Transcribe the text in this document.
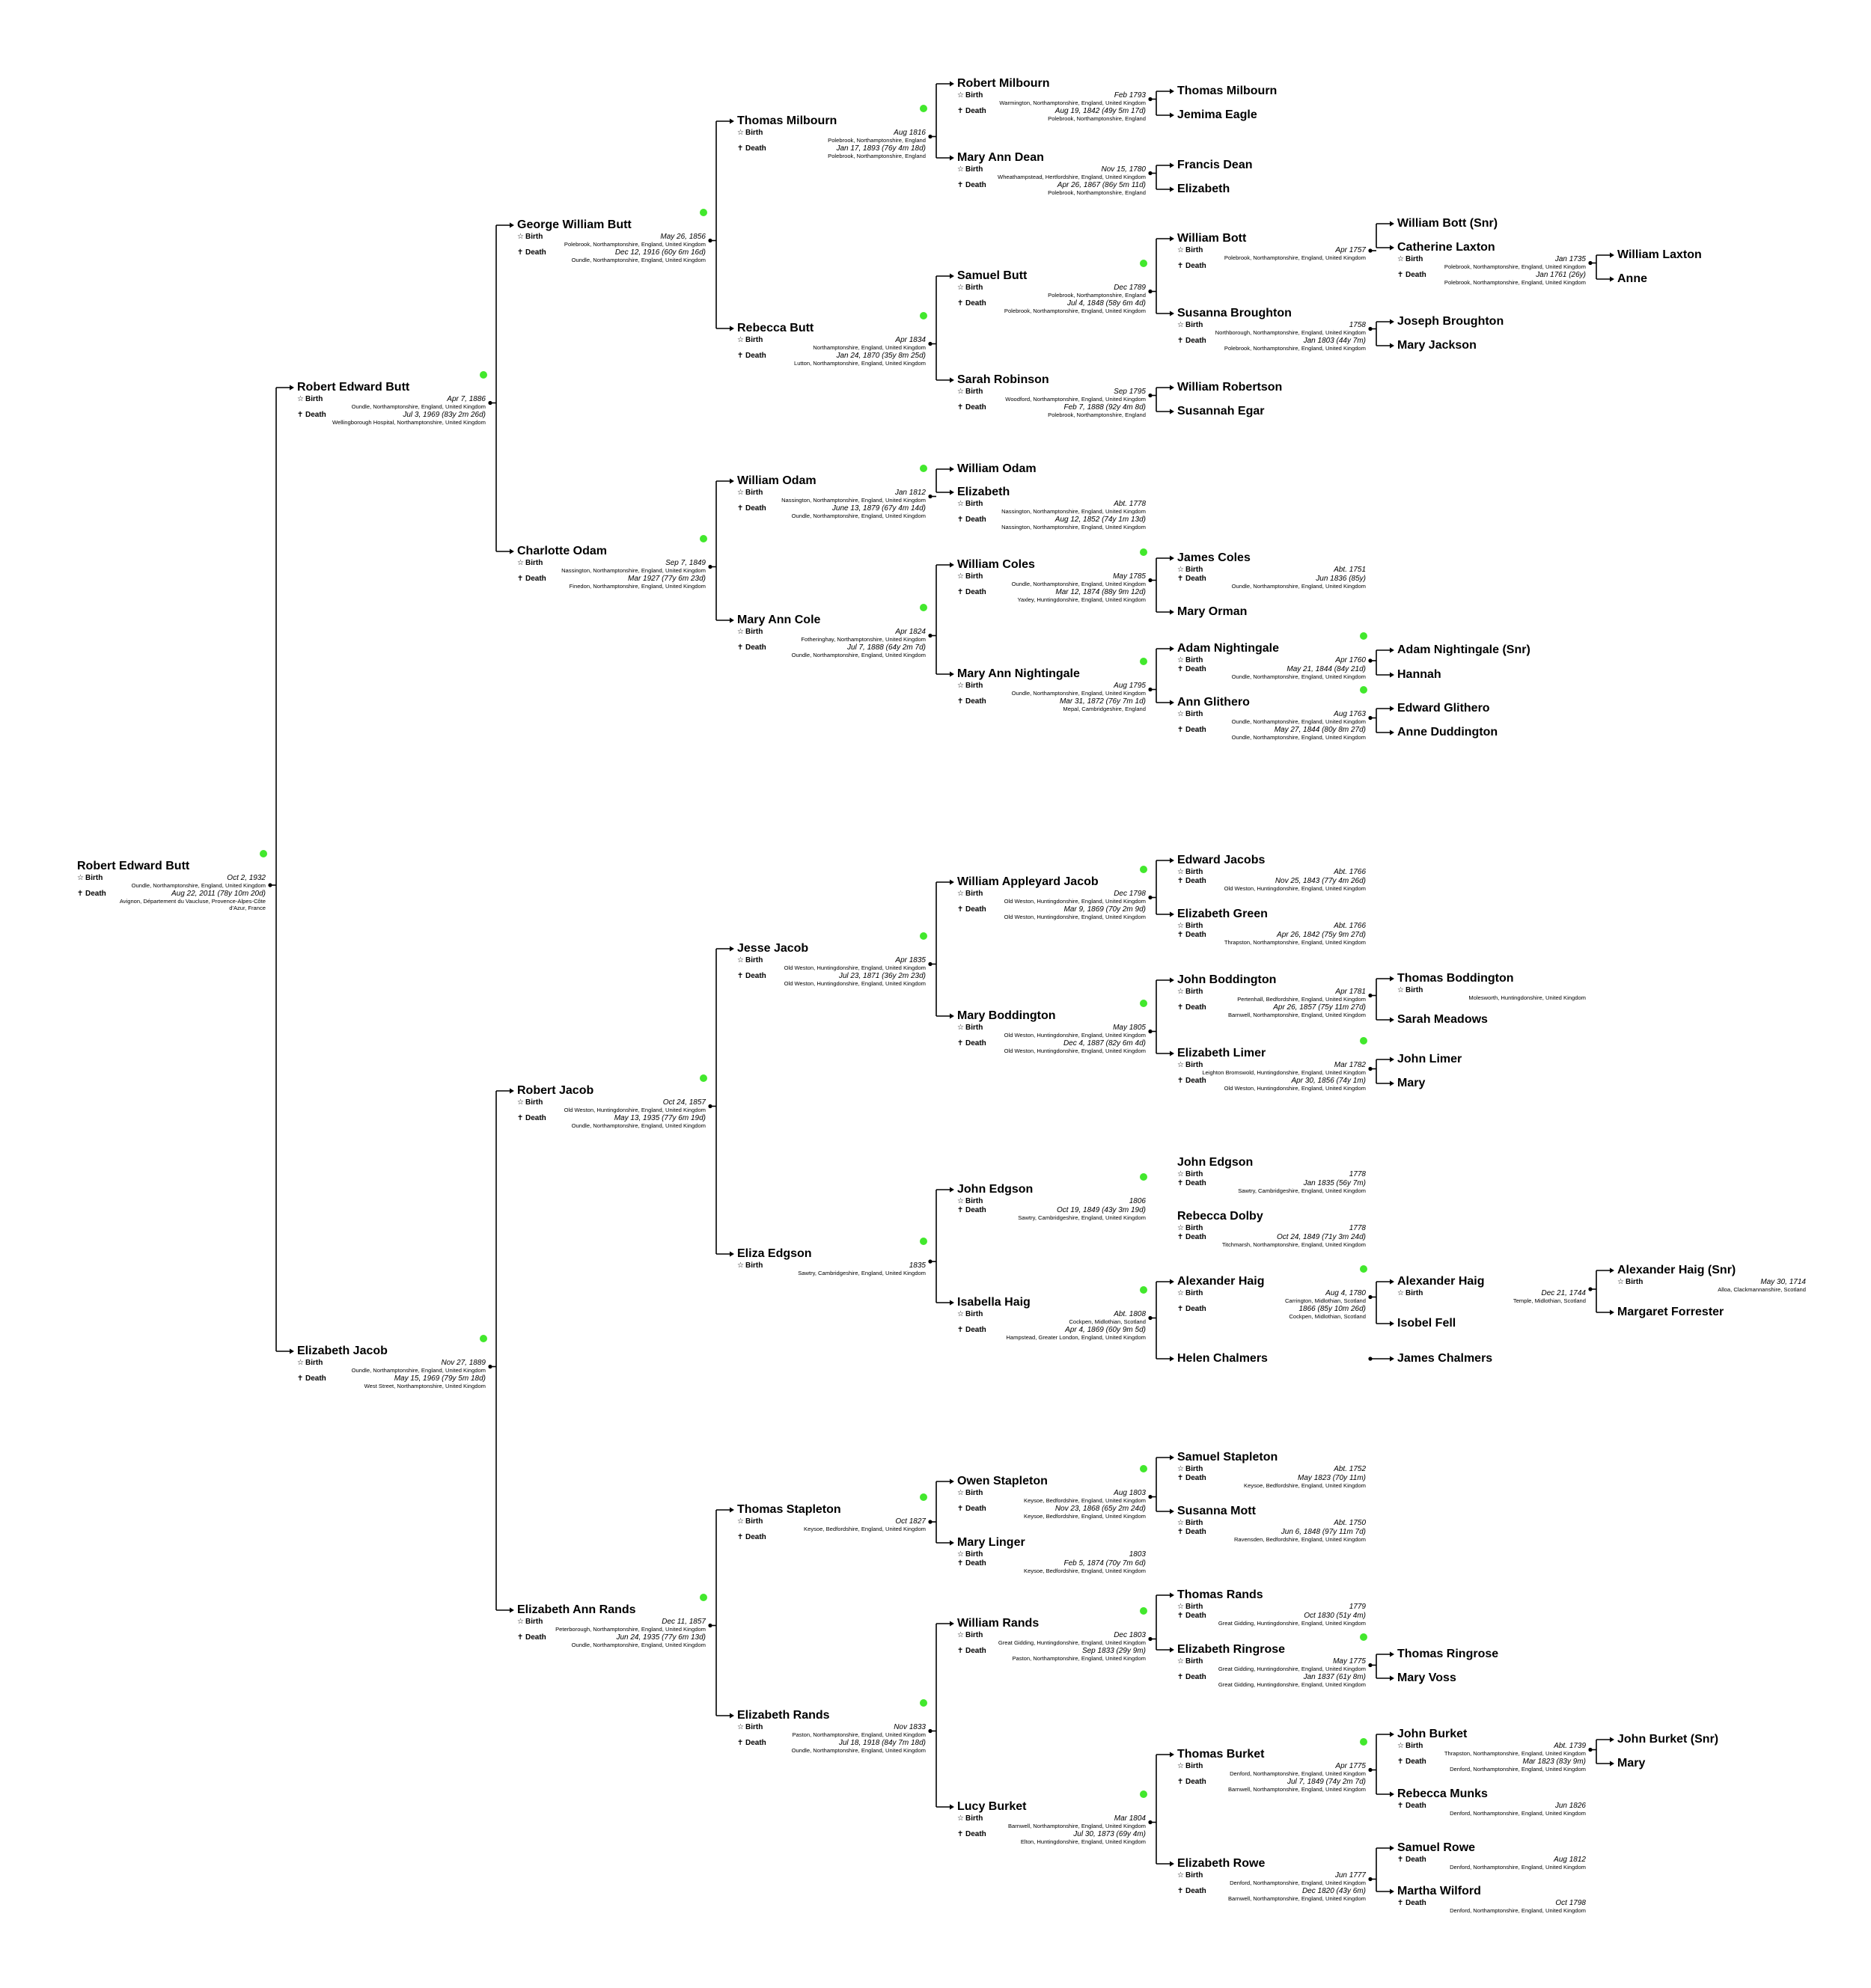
Robert Edward Butt
☆ Birth	Oct 2, 1932
Oundle, Northamptonshire, England, United Kingdom
✝ Death	Aug 22, 2011 (78y 10m 20d)
Avignon, Département du Vaucluse, Provence-Alpes-Côte d'Azur, France
Robert Edward Butt
☆ Birth	Apr 7, 1886
Oundle, Northamptonshire, England, United Kingdom
✝ Death	Jul 3, 1969 (83y 2m 26d)
Wellingborough Hospital, Northamptonshire, United Kingdom
Elizabeth Jacob
☆ Birth	Nov 27, 1889
Oundle, Northamptonshire, England, United Kingdom
✝ Death	May 15, 1969 (79y 5m 18d)
West Street, Northamptonshire, United Kingdom
George William Butt
☆ Birth	May 26, 1856
Polebrook, Northamptonshire, England, United Kingdom
✝ Death	Dec 12, 1916 (60y 6m 16d)
Oundle, Northamptonshire, England, United Kingdom
Charlotte Odam
☆ Birth	Sep 7, 1849
Nassington, Northamptonshire, England, United Kingdom
✝ Death	Mar 1927 (77y 6m 23d)
Finedon, Northamptonshire, England, United Kingdom
Robert Jacob
☆ Birth	Oct 24, 1857
Old Weston, Huntingdonshire, England, United Kingdom
✝ Death	May 13, 1935 (77y 6m 19d)
Oundle, Northamptonshire, England, United Kingdom
Elizabeth Ann Rands
☆ Birth	Dec 11, 1857
Peterborough, Northamptonshire, England, United Kingdom
✝ Death	Jun 24, 1935 (77y 6m 13d)
Oundle, Northamptonshire, England, United Kingdom
Thomas Milbourn
☆ Birth	Aug 1816
Polebrook, Northamptonshire, England
✝ Death	Jan 17, 1893 (76y 4m 18d)
Polebrook, Northamptonshire, England
Rebecca Butt
☆ Birth	Apr 1834
Northamptonshire, England, United Kingdom
✝ Death	Jan 24, 1870 (35y 8m 25d)
Lutton, Northamptonshire, England, United Kingdom
William Odam
☆ Birth	Jan 1812
Nassington, Northamptonshire, England, United Kingdom
✝ Death	June 13, 1879 (67y 4m 14d)
Oundle, Northamptonshire, England, United Kingdom
Mary Ann Cole
☆ Birth	Apr 1824
Fotheringhay, Northamptonshire, United Kingdom
✝ Death	Jul 7, 1888 (64y 2m 7d)
Oundle, Northamptonshire, England, United Kingdom
Jesse Jacob
☆ Birth	Apr 1835
Old Weston, Huntingdonshire, England, United Kingdom
✝ Death	Jul 23, 1871 (36y 2m 23d)
Old Weston, Huntingdonshire, England, United Kingdom
Eliza Edgson
☆ Birth	1835
Sawtry, Cambridgeshire, England, United Kingdom
Thomas Stapleton
☆ Birth	Oct 1827
Keysoe, Bedfordshire, England, United Kingdom
✝ Death
Elizabeth Rands
☆ Birth	Nov 1833
Paston, Northamptonshire, England, United Kingdom
✝ Death	Jul 18, 1918 (84y 7m 18d)
Oundle, Northamptonshire, England, United Kingdom
Robert Milbourn
☆ Birth	Feb 1793
Warmington, Northamptonshire, England, United Kingdom
✝ Death	Aug 19, 1842 (49y 5m 17d)
Polebrook, Northamptonshire, England
Mary Ann Dean
☆ Birth	Nov 15, 1780
Wheathampstead, Hertfordshire, England, United Kingdom
✝ Death	Apr 26, 1867 (86y 5m 11d)
Polebrook, Northamptonshire, England
Samuel Butt
☆ Birth	Dec 1789
Polebrook, Northamptonshire, England
✝ Death	Jul 4, 1848 (58y 6m 4d)
Polebrook, Northamptonshire, England, United Kingdom
Sarah Robinson
☆ Birth	Sep 1795
Woodford, Northamptonshire, England, United Kingdom
✝ Death	Feb 7, 1888 (92y 4m 8d)
Polebrook, Northamptonshire, England
William Odam
Elizabeth
☆ Birth	Abt. 1778
Nassington, Northamptonshire, England, United Kingdom
✝ Death	Aug 12, 1852 (74y 1m 13d)
Nassington, Northamptonshire, England, United Kingdom
William Coles
☆ Birth	May 1785
Oundle, Northamptonshire, England, United Kingdom
✝ Death	Mar 12, 1874 (88y 9m 12d)
Yaxley, Huntingdonshire, England, United Kingdom
Mary Ann Nightingale
☆ Birth	Aug 1795
Oundle, Northamptonshire, England, United Kingdom
✝ Death	Mar 31, 1872 (76y 7m 1d)
Mepal, Cambridgeshire, England
William Appleyard Jacob
☆ Birth	Dec 1798
Old Weston, Huntingdonshire, England, United Kingdom
✝ Death	Mar 9, 1869 (70y 2m 9d)
Old Weston, Huntingdonshire, England, United Kingdom
Mary Boddington
☆ Birth	May 1805
Old Weston, Huntingdonshire, England, United Kingdom
✝ Death	Dec 4, 1887 (82y 6m 4d)
Old Weston, Huntingdonshire, England, United Kingdom
John Edgson
☆ Birth	1806
✝ Death	Oct 19, 1849 (43y 3m 19d)
Sawtry, Cambridgeshire, England, United Kingdom
Isabella Haig
☆ Birth	Abt. 1808
Cockpen, Midlothian, Scotland
✝ Death	Apr 4, 1869 (60y 9m 5d)
Hampstead, Greater London, England, United Kingdom
Owen Stapleton
☆ Birth	Aug 1803
Keysoe, Bedfordshire, England, United Kingdom
✝ Death	Nov 23, 1868 (65y 2m 24d)
Keysoe, Bedfordshire, England, United Kingdom
Mary Linger
☆ Birth	1803
✝ Death	Feb 5, 1874 (70y 7m 6d)
Keysoe, Bedfordshire, England, United Kingdom
William Rands
☆ Birth	Dec 1803
Great Gidding, Huntingdonshire, England, United Kingdom
✝ Death	Sep 1833 (29y 9m)
Paston, Northamptonshire, England, United Kingdom
Lucy Burket
☆ Birth	Mar 1804
Barnwell, Northamptonshire, England, United Kingdom
✝ Death	Jul 30, 1873 (69y 4m)
Elton, Huntingdonshire, England, United Kingdom
Thomas Milbourn
Jemima Eagle
Francis Dean
Elizabeth
William Bott
☆ Birth	Apr 1757
Polebrook, Northamptonshire, England, United Kingdom
✝ Death
Susanna Broughton
☆ Birth	1758
Northborough, Northamptonshire, England, United Kingdom
✝ Death	Jan 1803 (44y 7m)
Polebrook, Northamptonshire, England, United Kingdom
William Robertson
Susannah Egar
James Coles
☆ Birth	Abt. 1751
✝ Death	Jun 1836 (85y)
Oundle, Northamptonshire, England, United Kingdom
Mary Orman
Adam Nightingale
☆ Birth	Apr 1760
✝ Death	May 21, 1844 (84y 21d)
Oundle, Northamptonshire, England, United Kingdom
Ann Glithero
☆ Birth	Aug 1763
Oundle, Northamptonshire, England, United Kingdom
✝ Death	May 27, 1844 (80y 8m 27d)
Oundle, Northamptonshire, England, United Kingdom
Edward Jacobs
☆ Birth	Abt. 1766
✝ Death	Nov 25, 1843 (77y 4m 26d)
Old Weston, Huntingdonshire, England, United Kingdom
Elizabeth Green
☆ Birth	Abt. 1766
✝ Death	Apr 26, 1842 (75y 9m 27d)
Thrapston, Northamptonshire, England, United Kingdom
John Boddington
☆ Birth	Apr 1781
Pertenhall, Bedfordshire, England, United Kingdom
✝ Death	Apr 26, 1857 (75y 11m 27d)
Barnwell, Northamptonshire, England, United Kingdom
Elizabeth Limer
☆ Birth	Mar 1782
Leighton Bromswold, Huntingdonshire, England, United Kingdom
✝ Death	Apr 30, 1856 (74y 1m)
Old Weston, Huntingdonshire, England, United Kingdom
John Edgson
☆ Birth	1778
✝ Death	Jan 1835 (56y 7m)
Sawtry, Cambridgeshire, England, United Kingdom
Rebecca Dolby
☆ Birth	1778
✝ Death	Oct 24, 1849 (71y 3m 24d)
Titchmarsh, Northamptonshire, England, United Kingdom
Alexander Haig
☆ Birth	Aug 4, 1780
Carrington, Midlothian, Scotland
✝ Death	1866 (85y 10m 26d)
Cockpen, Midlothian, Scotland
Helen Chalmers
Samuel Stapleton
☆ Birth	Abt. 1752
✝ Death	May 1823 (70y 11m)
Keysoe, Bedfordshire, England, United Kingdom
Susanna Mott
☆ Birth	Abt. 1750
✝ Death	Jun 6, 1848 (97y 11m 7d)
Ravensden, Bedfordshire, England, United Kingdom
Thomas Rands
☆ Birth	1779
✝ Death	Oct 1830 (51y 4m)
Great Gidding, Huntingdonshire, England, United Kingdom
Elizabeth Ringrose
☆ Birth	May 1775
Great Gidding, Huntingdonshire, England, United Kingdom
✝ Death	Jan 1837 (61y 8m)
Great Gidding, Huntingdonshire, England, United Kingdom
Thomas Burket
☆ Birth	Apr 1775
Denford, Northamptonshire, England, United Kingdom
✝ Death	Jul 7, 1849 (74y 2m 7d)
Barnwell, Northamptonshire, England, United Kingdom
Elizabeth Rowe
☆ Birth	Jun 1777
Denford, Northamptonshire, England, United Kingdom
✝ Death	Dec 1820 (43y 6m)
Barnwell, Northamptonshire, England, United Kingdom
William Bott (Snr)
Catherine Laxton
☆ Birth	Jan 1735
Polebrook, Northamptonshire, England, United Kingdom
✝ Death	Jan 1761 (26y)
Polebrook, Northamptonshire, England, United Kingdom
Joseph Broughton
Mary Jackson
Adam Nightingale (Snr)
Hannah
Edward Glithero
Anne Duddington
Thomas Boddington
☆ Birth
Molesworth, Huntingdonshire, United Kingdom
Sarah Meadows
John Limer
Mary
Alexander Haig
☆ Birth	Dec 21, 1744
Temple, Midlothian, Scotland
Isobel Fell
James Chalmers
Thomas Ringrose
Mary Voss
John Burket
☆ Birth	Abt. 1739
Thrapston, Northamptonshire, England, United Kingdom
✝ Death	Mar 1823 (83y 9m)
Denford, Northamptonshire, England, United Kingdom
Rebecca Munks
✝ Death	Jun 1826
Denford, Northamptonshire, England, United Kingdom
Samuel Rowe
✝ Death	Aug 1812
Denford, Northamptonshire, England, United Kingdom
Martha Wilford
✝ Death	Oct 1798
Denford, Northamptonshire, England, United Kingdom
William Laxton
Anne
Alexander Haig (Snr)
☆ Birth	May 30, 1714
Alloa, Clackmannanshire, Scotland
Margaret Forrester
John Burket (Snr)
Mary
